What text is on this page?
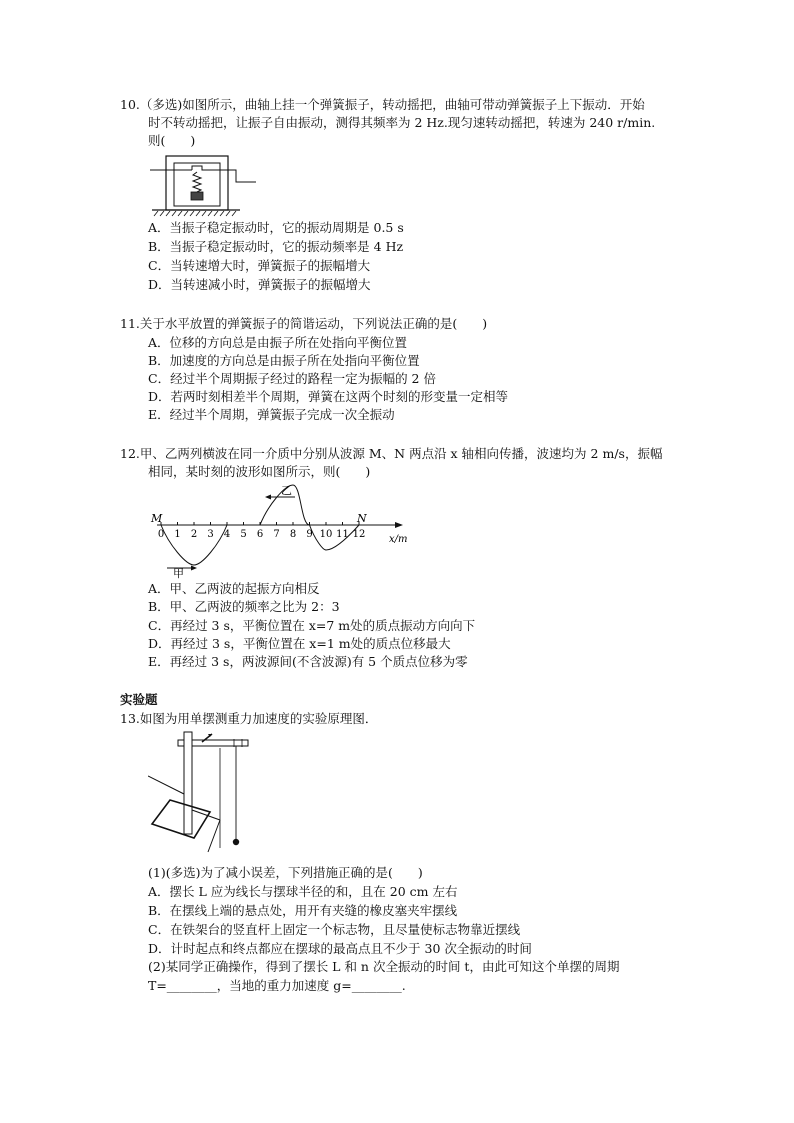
10.（多选)如图所示，曲轴上挂一个弹簧振子，转动摇把，曲轴可带动弹簧振子上下振动．开始
时不转动摇把，让振子自由振动，测得其频率为 2 Hz.现匀速转动摇把，转速为 240 r/min.
则(　　)
A．当振子稳定振动时，它的振动周期是 0.5 s
B．当振子稳定振动时，它的振动频率是 4 Hz
C．当转速增大时，弹簧振子的振幅增大
D．当转速减小时，弹簧振子的振幅增大
11.关于水平放置的弹簧振子的简谐运动，下列说法正确的是(　　)
A．位移的方向总是由振子所在处指向平衡位置
B．加速度的方向总是由振子所在处指向平衡位置
C．经过半个周期振子经过的路程一定为振幅的 2 倍
D．若两时刻相差半个周期，弹簧在这两个时刻的形变量一定相等
E．经过半个周期，弹簧振子完成一次全振动
12.甲、乙两列横波在同一介质中分别从波源 M、N 两点沿 x 轴相向传播，波速均为 2 m/s，振幅
相同，某时刻的波形如图所示，则(　　)
M	N
乙
甲
x/m
0 1 2 3 4 5 6 7 8 9 10 11 12
A．甲、乙两波的起振方向相反
B．甲、乙两波的频率之比为 2：3
C．再经过 3 s，平衡位置在 x=7 m处的质点振动方向向下
D．再经过 3 s，平衡位置在 x=1 m处的质点位移最大
E．再经过 3 s，两波源间(不含波源)有 5 个质点位移为零
实验题
13.如图为用单摆测重力加速度的实验原理图．
(1)(多选)为了减小误差，下列措施正确的是(　　)
A．摆长 L 应为线长与摆球半径的和，且在 20 cm 左右
B．在摆线上端的悬点处，用开有夹缝的橡皮塞夹牢摆线
C．在铁架台的竖直杆上固定一个标志物，且尽量使标志物靠近摆线
D．计时起点和终点都应在摆球的最高点且不少于 30 次全振动的时间
(2)某同学正确操作，得到了摆长 L 和 n 次全振动的时间 t，由此可知这个单摆的周期
T=________，当地的重力加速度 g=________.
